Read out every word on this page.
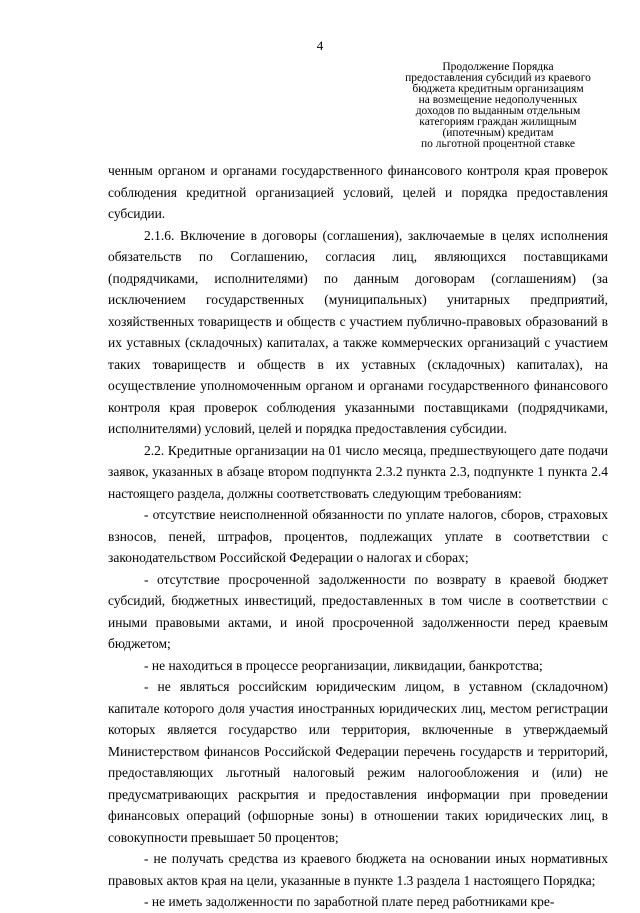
4
Продолжение Порядка
предоставления субсидий из краевого
бюджета кредитным организациям
на возмещение недополученных
доходов по выданным отдельным
категориям граждан жилищным
(ипотечным) кредитам
по льготной процентной ставке

ченным органом и органами государственного финансового контроля края проверок соблюдения кредитной организацией условий, целей и порядка предоставления субсидии.

2.1.6. Включение в договоры (соглашения), заключаемые в целях исполнения обязательств по Соглашению, согласия лиц, являющихся поставщиками (подрядчиками, исполнителями) по данным договорам (соглашениям) (за исключением государственных (муниципальных) унитарных предприятий, хозяйственных товариществ и обществ с участием публично-правовых образований в их уставных (складочных) капиталах, а также коммерческих организаций с участием таких товариществ и обществ в их уставных (складочных) капиталах), на осуществление уполномоченным органом и органами государственного финансового контроля края проверок соблюдения указанными поставщиками (подрядчиками, исполнителями) условий, целей и порядка предоставления субсидии.

2.2. Кредитные организации на 01 число месяца, предшествующего дате подачи заявок, указанных в абзаце втором подпункта 2.3.2 пункта 2.3, подпункте 1 пункта 2.4 настоящего раздела, должны соответствовать следующим требованиям:

- отсутствие неисполненной обязанности по уплате налогов, сборов, страховых взносов, пеней, штрафов, процентов, подлежащих уплате в соответствии с законодательством Российской Федерации о налогах и сборах;

- отсутствие просроченной задолженности по возврату в краевой бюджет субсидий, бюджетных инвестиций, предоставленных в том числе в соответствии с иными правовыми актами, и иной просроченной задолженности перед краевым бюджетом;

- не находиться в процессе реорганизации, ликвидации, банкротства;

- не являться российским юридическим лицом, в уставном (складочном) капитале которого доля участия иностранных юридических лиц, местом регистрации которых является государство или территория, включенные в утверждаемый Министерством финансов Российской Федерации перечень государств и территорий, предоставляющих льготный налоговый режим налогообложения и (или) не предусматривающих раскрытия и предоставления информации при проведении финансовых операций (офшорные зоны) в отношении таких юридических лиц, в совокупности превышает 50 процентов;

- не получать средства из краевого бюджета на основании иных нормативных правовых актов края на цели, указанные в пункте 1.3 раздела 1 настоящего Порядка;

- не иметь задолженности по заработной плате перед работниками кре-
